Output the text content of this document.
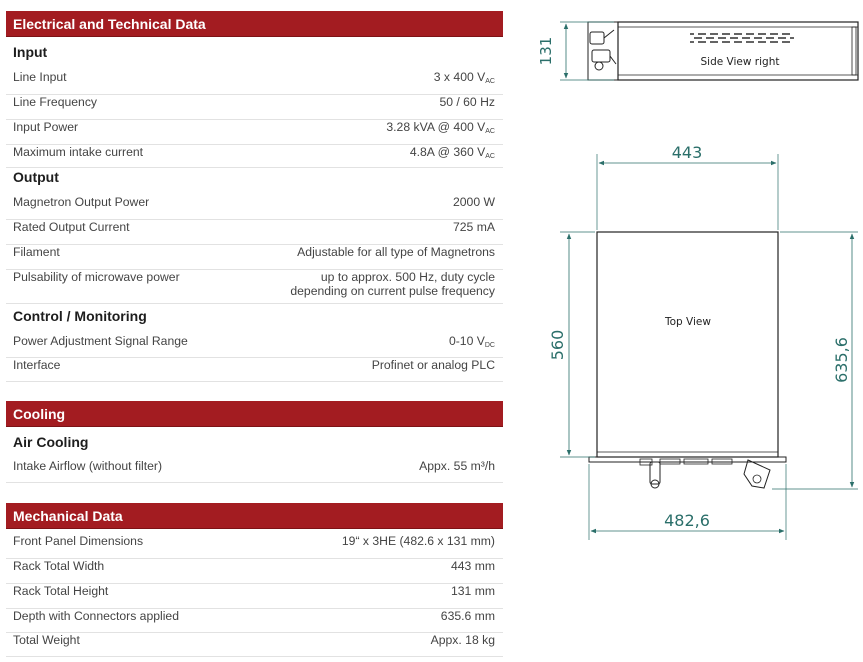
Electrical and Technical Data
Input
Line Input	3 x 400 $V_{AC}$
Line Frequency	50 / 60 Hz
Input Power	3.28 kVA @ 400 $V_{AC}$
Maximum intake current	4.8A @ 360 $V_{AC}$
Output
Magnetron Output Power	2000 W
Rated Output Current	725 mA
Filament	Adjustable for all type of Magnetrons
Pulsability of microwave power	up to approx. 500 Hz, duty cycle
depending on current pulse frequency
Control / Monitoring
Power Adjustment Signal Range	0-10 $V_{DC}$
Interface	Profinet or analog PLC
Cooling
Air Cooling
Intake Airflow (without filter)	Appx. 55 m³/h
Mechanical Data
Front Panel Dimensions	19“ x 3HE (482.6 x 131 mm)
Rack Total Width	443 mm
Rack Total Height	131 mm
Depth with Connectors applied	635.6 mm
Total Weight	Appx. 18 kg
Side View right
131
Top View
443
560	635,6
482,6
